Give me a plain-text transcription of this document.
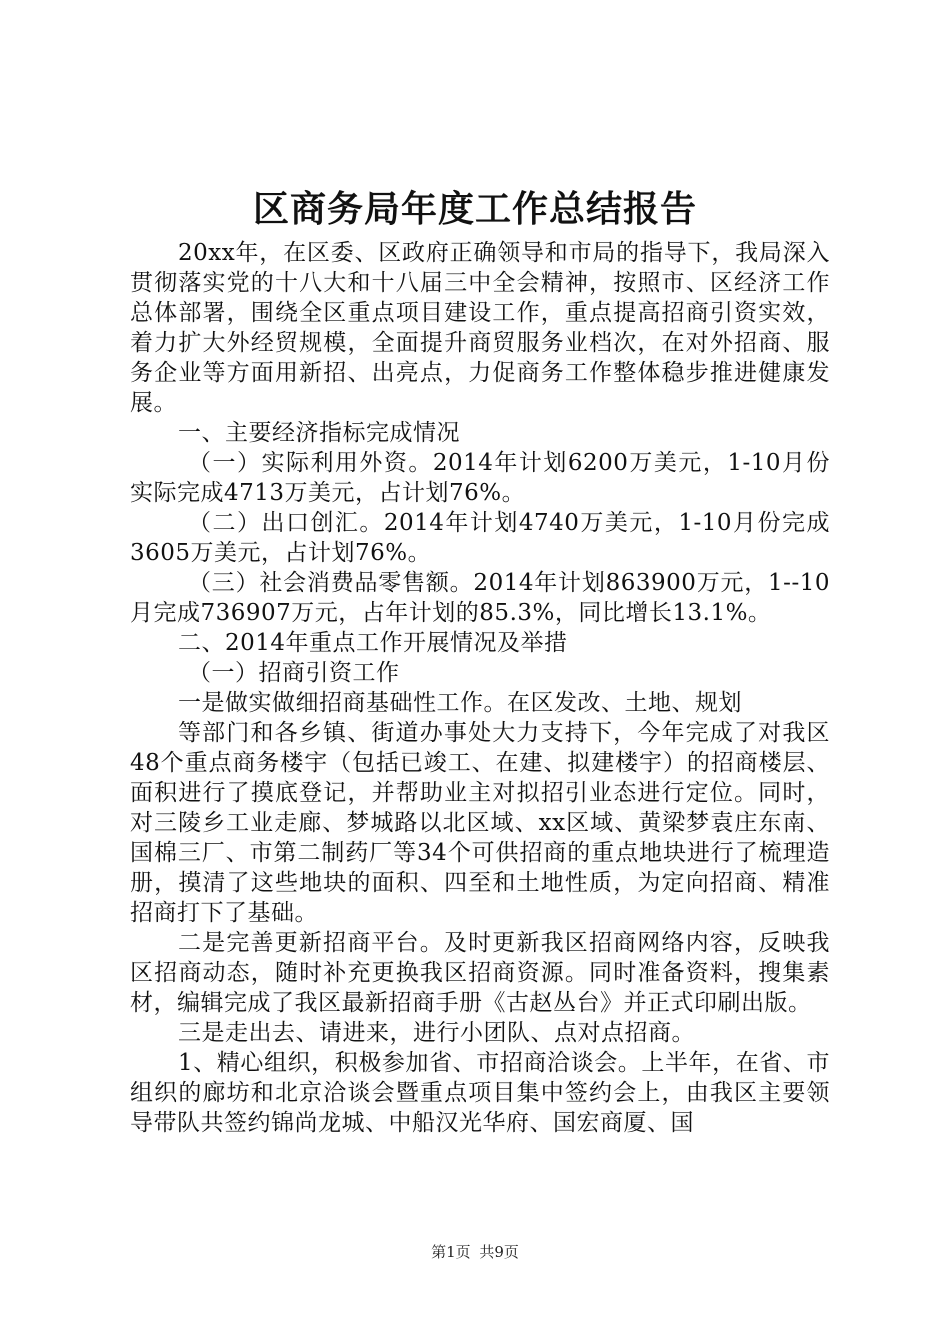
区商务局年度工作总结报告

20xx年，在区委、区政府正确领导和市局的指导下，我局深入贯彻落实党的十八大和十八届三中全会精神，按照市、区经济工作总体部署，围绕全区重点项目建设工作，重点提高招商引资实效，着力扩大外经贸规模，全面提升商贸服务业档次，在对外招商、服务企业等方面用新招、出亮点，力促商务工作整体稳步推进健康发展。

一、主要经济指标完成情况

（一）实际利用外资。2014年计划6200万美元，1-10月份实际完成4713万美元，占计划76%。

（二）出口创汇。2014年计划4740万美元，1-10月份完成3605万美元，占计划76%。

（三）社会消费品零售额。2014年计划863900万元，1--10月完成736907万元，占年计划的85.3%，同比增长13.1%。

二、2014年重点工作开展情况及举措

（一）招商引资工作

一是做实做细招商基础性工作。在区发改、土地、规划

等部门和各乡镇、街道办事处大力支持下，今年完成了对我区48个重点商务楼宇（包括已竣工、在建、拟建楼宇）的招商楼层、面积进行了摸底登记，并帮助业主对拟招引业态进行定位。同时，对三陵乡工业走廊、梦城路以北区域、xx区域、黄梁梦袁庄东南、国棉三厂、市第二制药厂等34个可供招商的重点地块进行了梳理造册，摸清了这些地块的面积、四至和土地性质，为定向招商、精准招商打下了基础。

二是完善更新招商平台。及时更新我区招商网络内容，反映我区招商动态，随时补充更换我区招商资源。同时准备资料，搜集素材，编辑完成了我区最新招商手册《古赵丛台》并正式印刷出版。

三是走出去、请进来，进行小团队、点对点招商。

1、精心组织，积极参加省、市招商洽谈会。上半年，在省、市组织的廊坊和北京洽谈会暨重点项目集中签约会上，由我区主要领导带队共签约锦尚龙城、中船汉光华府、国宏商厦、国

第1页 共9页
